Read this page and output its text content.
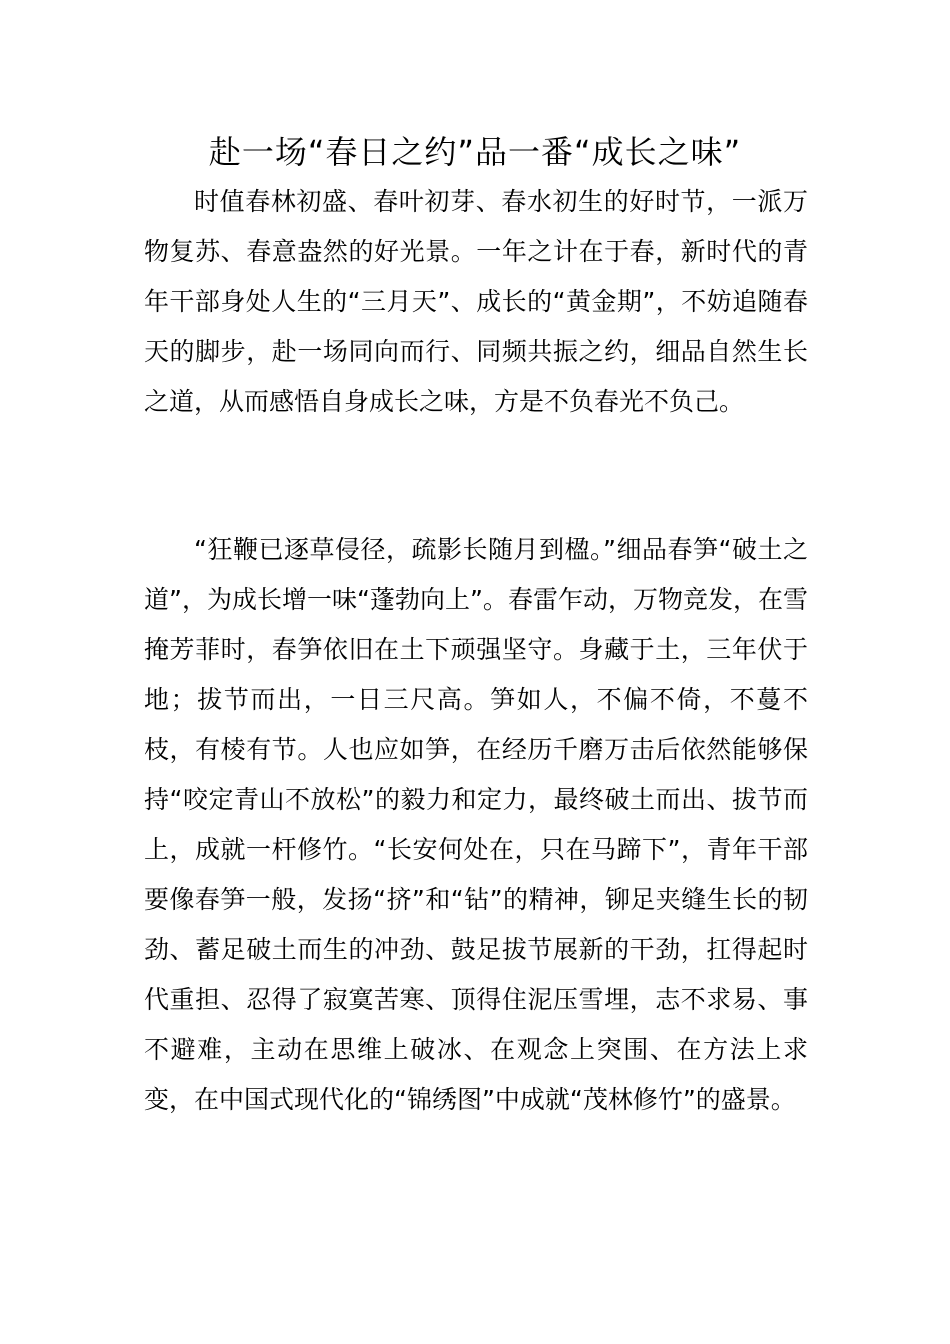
赴一场“春日之约”品一番“成长之味”

时值春林初盛、春叶初芽、春水初生的好时节，一派万物复苏、春意盎然的好光景。一年之计在于春，新时代的青年干部身处人生的“三月天”、成长的“黄金期”，不妨追随春天的脚步，赴一场同向而行、同频共振之约，细品自然生长之道，从而感悟自身成长之味，方是不负春光不负己。

“狂鞭已逐草侵径，疏影长随月到楹。”细品春笋“破土之道”，为成长增一味“蓬勃向上”。春雷乍动，万物竞发，在雪掩芳菲时，春笋依旧在土下顽强坚守。身藏于土，三年伏于地；拔节而出，一日三尺高。笋如人，不偏不倚，不蔓不枝，有棱有节。人也应如笋，在经历千磨万击后依然能够保持“咬定青山不放松”的毅力和定力，最终破土而出、拔节而上，成就一杆修竹。“长安何处在，只在马蹄下”，青年干部要像春笋一般，发扬“挤”和“钻”的精神，铆足夹缝生长的韧劲、蓄足破土而生的冲劲、鼓足拔节展新的干劲，扛得起时代重担、忍得了寂寞苦寒、顶得住泥压雪埋，志不求易、事不避难，主动在思维上破冰、在观念上突围、在方法上求变，在中国式现代化的“锦绣图”中成就“茂林修竹”的盛景。
